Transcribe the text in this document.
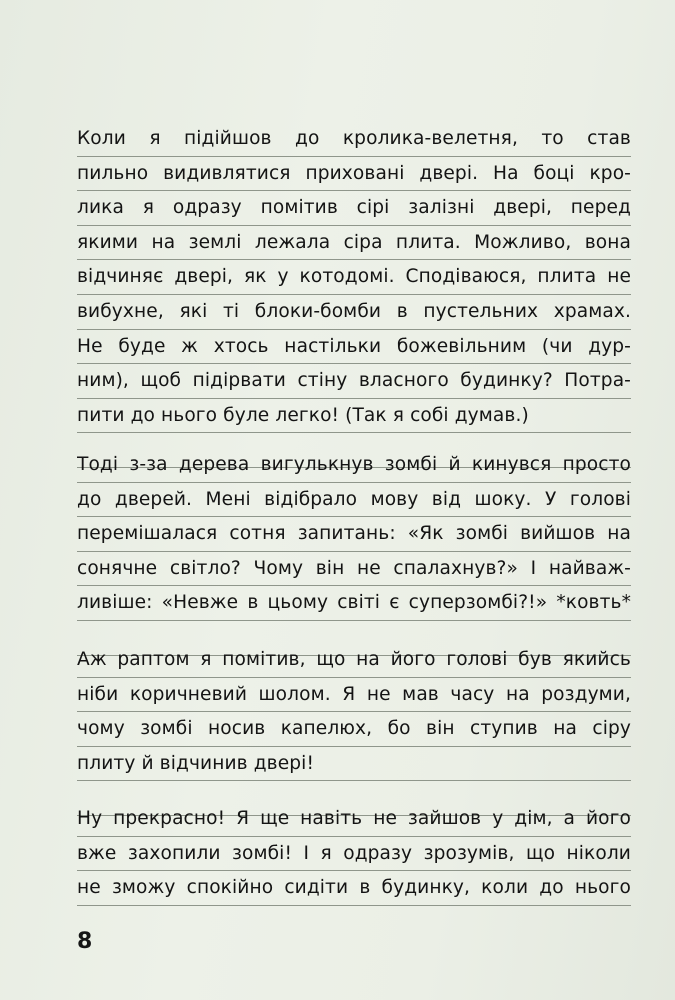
Коли я підійшов до кролика-велетня, то став
пильно видивлятися приховані двері. На боці кро-
лика я одразу помітив сірі залізні двері, перед
якими на землі лежала сіра плита. Можливо, вона
відчиняє двері, як у котодомі. Сподіваюся, плита не
вибухне, які ті блоки-бомби в пустельних храмах.
Не буде ж хтось настільки божевільним (чи дур-
ним), щоб підірвати стіну власного будинку? Потра-
пити до нього буле легко! (Так я собі думав.)
Тоді з-за дерева вигулькнув зомбі й кинувся просто
до дверей. Мені відібрало мову від шоку. У голові
перемішалася сотня запитань: «Як зомбі вийшов на
сонячне світло? Чому він не спалахнув?» І найваж-
ливіше: «Невже в цьому світі є суперзомбі?!» *ковть*
Аж раптом я помітив, що на його голові був якийсь
ніби коричневий шолом. Я не мав часу на роздуми,
чому зомбі носив капелюх, бо він ступив на сіру
плиту й відчинив двері!
Ну прекрасно! Я ще навіть не зайшов у дім, а його
вже захопили зомбі! І я одразу зрозумів, що ніколи
не зможу спокійно сидіти в будинку, коли до нього
8
